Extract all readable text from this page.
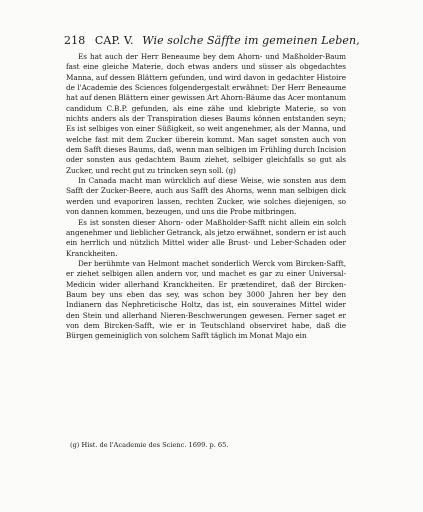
218 CAP. V. Wie solche Säffte im gemeinen Leben,

Es hat auch der Herr Beneaume bey dem Ahorn- und Maßholder-Baum fast eine gleiche Materie, doch etwas anders und süsser als obgedachtes Manna, auf dessen Blättern gefunden, und wird davon in gedachter Histoire de l'Academie des Sciences folgendergestalt erwähnet: Der Herr Beneaume hat auf denen Blättern einer gewissen Art Ahorn-Bäume das Acer montanum candidum C.B.P. gefunden, als eine zähe und klebrigte Materie, so von nichts anders als der Transpiration dieses Baums können entstanden seyn; Es ist selbiges von einer Süßigkeit, so weit angenehmer, als der Manna, und welche fast mit dem Zucker überein kommt. Man saget sonsten auch von dem Safft dieses Baums, daß, wenn man selbigen im Frühling durch Incision oder sonsten aus gedachtem Baum ziehet, selbiger gleichfalls so gut als Zucker, und recht gut zu trincken seyn soll. (g)

In Canada macht man würcklich auf diese Weise, wie sonsten aus dem Safft der Zucker-Beere, auch aus Safft des Ahorns, wenn man selbigen dick werden und evaporiren lassen, rechten Zucker, wie solches diejenigen, so von dannen kommen, bezeugen, und uns die Probe mitbringen.

Es ist sonsten dieser Ahorn- oder Maßholder-Safft nicht allein ein solch angenehmer und lieblicher Getranck, als jetzo erwähnet, sondern er ist auch ein herrlich und nützlich Mittel wider alle Brust- und Leber-Schaden oder Kranckheiten.

Der berühmte van Helmont machet sonderlich Werck vom Bircken-Safft, er ziehet selbigen allen andern vor, und machet es gar zu einer Universal-Medicin wider allerhand Kranckheiten. Er prætendiret, daß der Bircken-Baum bey uns eben das sey, was schon bey 3000 Jahren her bey den Indianern das Nephreticische Holtz, das ist, ein souveraines Mittel wider den Stein und allerhand Nieren-Beschwerungen gewesen. Ferner saget er von dem Bircken-Safft, wie er in Teutschland observiret habe, daß die Bürgen gemeiniglich von solchem Safft täglich im Monat Majo ein

(g) Hist. de l'Academie des Scienc. 1699. p. 65.
